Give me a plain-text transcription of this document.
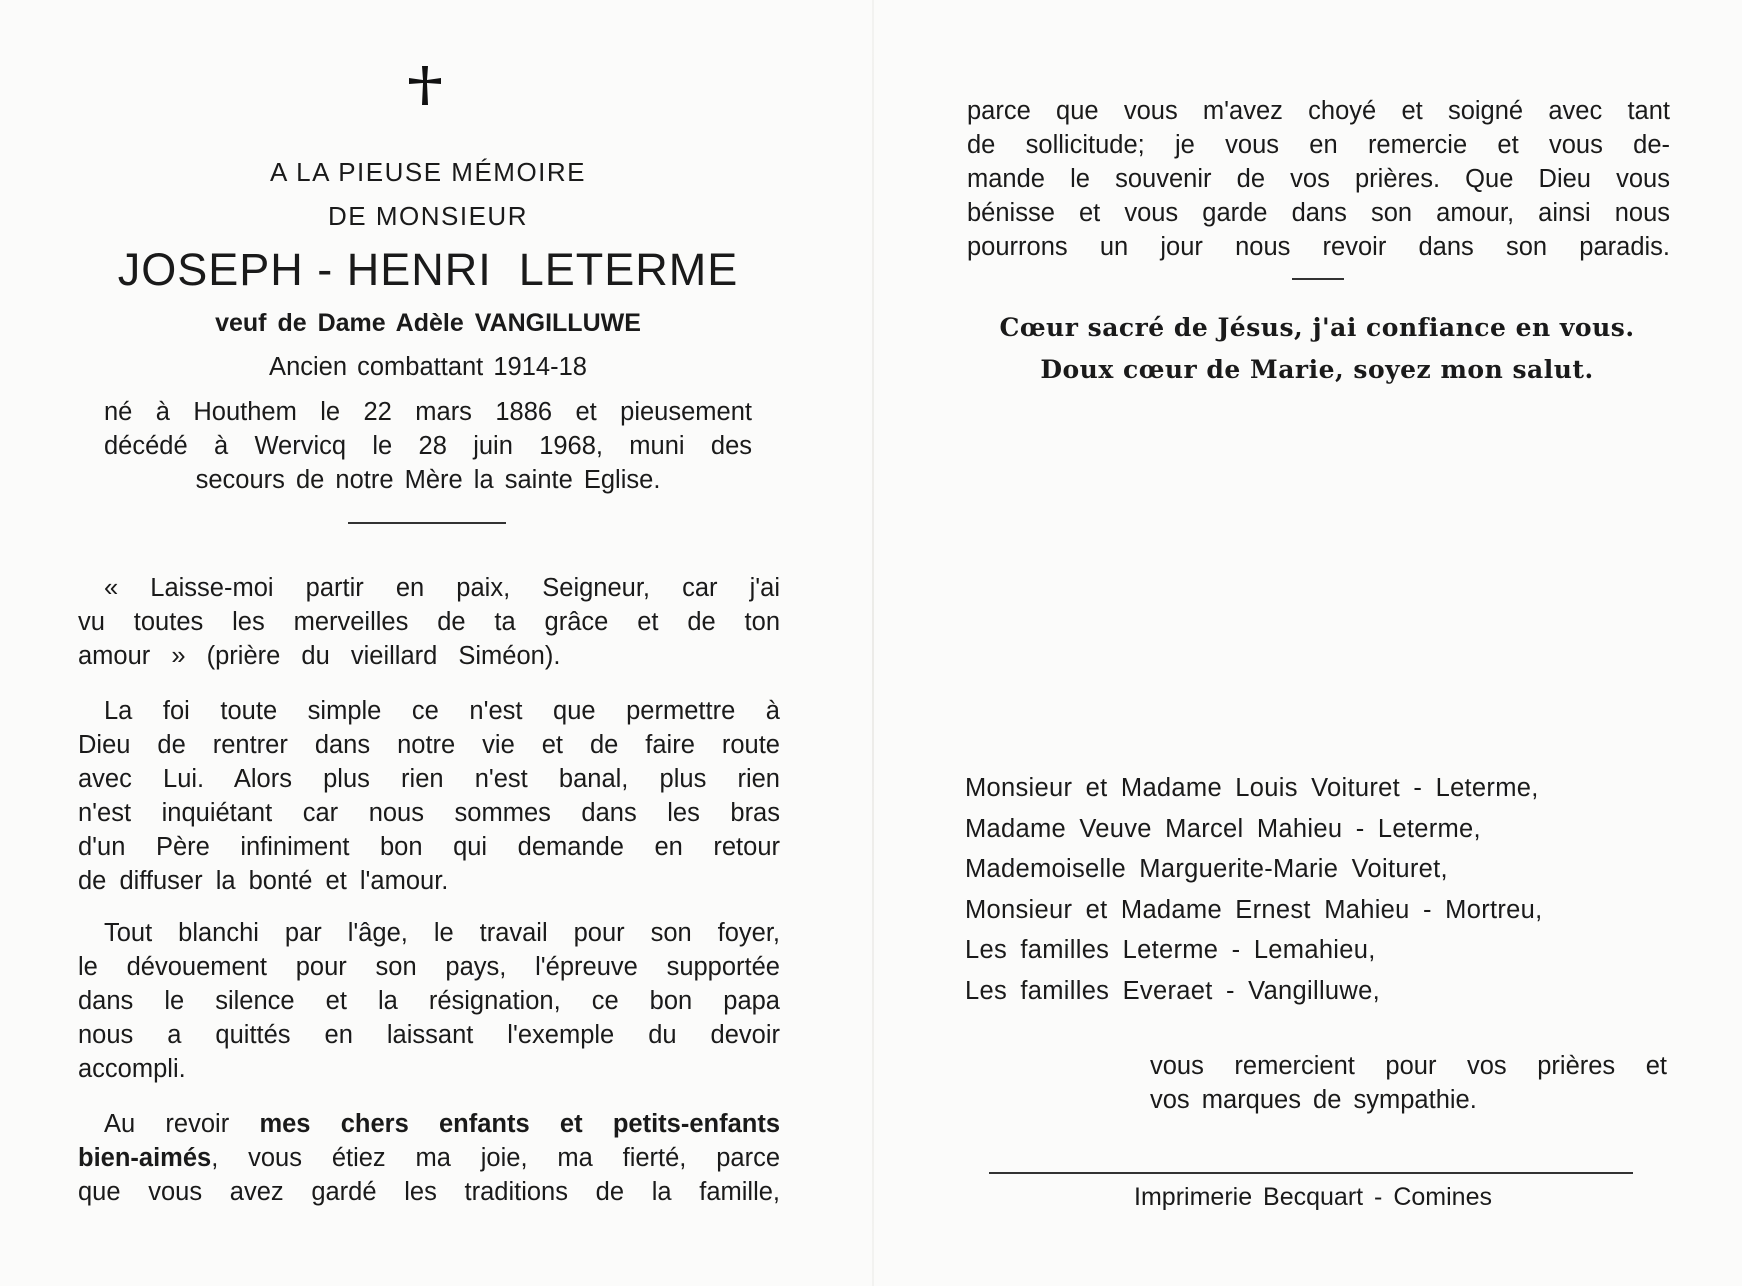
A LA PIEUSE MÉMOIRE
DE MONSIEUR
JOSEPH - HENRI  LETERME
veuf de Dame Adèle VANGILLUWE
Ancien combattant 1914-18
né à Houthem le 22 mars 1886 et pieusement
décédé à Wervicq le 28 juin 1968, muni des
secours de notre Mère la sainte Eglise.
« Laisse-moi partir en paix, Seigneur, car j'ai
vu toutes les merveilles de ta grâce et de ton
amour » (prière du vieillard Siméon).
La foi toute simple ce n'est que permettre à
Dieu de rentrer dans notre vie et de faire route
avec Lui. Alors plus rien n'est banal, plus rien
n'est inquiétant car nous sommes dans les bras
d'un Père infiniment bon qui demande en retour
de diffuser la bonté et l'amour.
Tout blanchi par l'âge, le travail pour son foyer,
le dévouement pour son pays, l'épreuve supportée
dans le silence et la résignation, ce bon papa
nous a quittés en laissant l'exemple du devoir
accompli.
Au revoir mes chers enfants et petits-enfants
bien-aimés, vous étiez ma joie, ma fierté, parce
que vous avez gardé les traditions de la famille,
parce que vous m'avez choyé et soigné avec tant
de sollicitude; je vous en remercie et vous de-
mande le souvenir de vos prières. Que Dieu vous
bénisse et vous garde dans son amour, ainsi nous
pourrons un jour nous revoir dans son paradis.
Cœur sacré de Jésus, j'ai confiance en vous.
Doux cœur de Marie, soyez mon salut.
Monsieur et Madame Louis Voituret - Leterme,
Madame Veuve Marcel Mahieu - Leterme,
Mademoiselle Marguerite-Marie Voituret,
Monsieur et Madame Ernest Mahieu - Mortreu,
Les familles Leterme - Lemahieu,
Les familles Everaet - Vangilluwe,
vous remercient pour vos prières et
vos marques de sympathie.
Imprimerie Becquart - Comines
